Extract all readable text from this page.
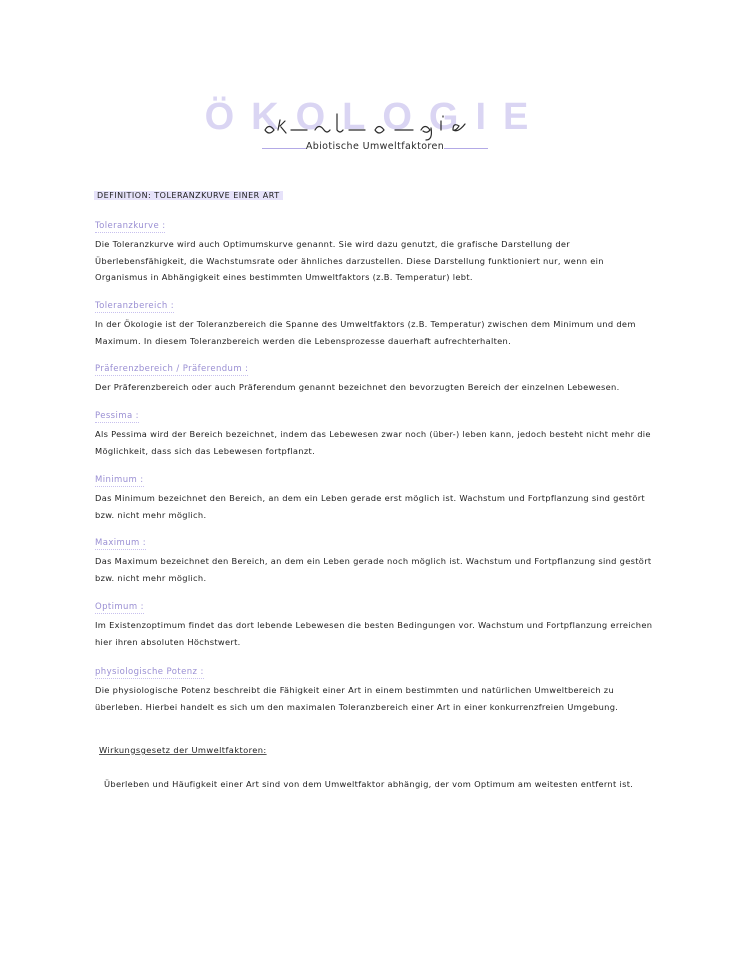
ÖKOLOGIE
Abiotische Umweltfaktoren
DEFINITION: TOLERANZKURVE EINER ART
Toleranzkurve :

Die Toleranzkurve wird auch Optimumskurve genannt. Sie wird dazu genutzt, die grafische Darstellung der Überlebensfähigkeit, die Wachstumsrate oder ähnliches darzustellen. Diese Darstellung funktioniert nur, wenn ein Organismus in Abhängigkeit eines bestimmten Umweltfaktors (z.B. Temperatur) lebt.

Toleranzbereich :

In der Ökologie ist der Toleranzbereich die Spanne des Umweltfaktors (z.B. Temperatur) zwischen dem Minimum und dem Maximum. In diesem Toleranzbereich werden die Lebensprozesse dauerhaft aufrechterhalten.

Präferenzbereich / Präferendum :

Der Präferenzbereich oder auch Präferendum genannt bezeichnet den bevorzugten Bereich der einzelnen Lebewesen.

Pessima :

Als Pessima wird der Bereich bezeichnet, indem das Lebewesen zwar noch (über-) leben kann, jedoch besteht nicht mehr die Möglichkeit, dass sich das Lebewesen fortpflanzt.

Minimum :

Das Minimum bezeichnet den Bereich, an dem ein Leben gerade erst möglich ist. Wachstum und Fortpflanzung sind gestört bzw. nicht mehr möglich.

Maximum :

Das Maximum bezeichnet den Bereich, an dem ein Leben gerade noch möglich ist. Wachstum und Fortpflanzung sind gestört bzw. nicht mehr möglich.

Optimum :

Im Existenzoptimum findet das dort lebende Lebewesen die besten Bedingungen vor. Wachstum und Fortpflanzung erreichen hier ihren absoluten Höchstwert.

physiologische Potenz :

Die physiologische Potenz beschreibt die Fähigkeit einer Art in einem bestimmten und natürlichen Umweltbereich zu überleben. Hierbei handelt es sich um den maximalen Toleranzbereich einer Art in einer konkurrenzfreien Umgebung.

Wirkungsgesetz der Umweltfaktoren:

Überleben und Häufigkeit einer Art sind von dem Umweltfaktor abhängig, der vom Optimum am weitesten entfernt ist.
